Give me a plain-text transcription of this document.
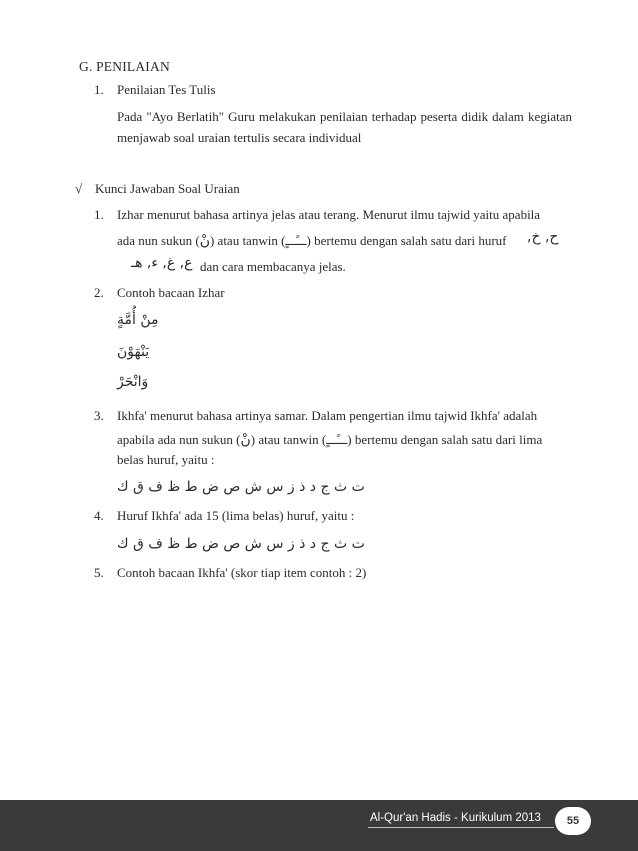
G. PENILAIAN
1. Penilaian Tes Tulis
Pada "Ayo Berlatih" Guru melakukan penilaian terhadap peserta didik dalam kegiatan menjawab soal uraian tertulis secara individual
√ Kunci Jawaban Soal Uraian
1. Izhar menurut bahasa artinya jelas atau terang. Menurut ilmu tajwid yaitu apabila
ada nun sukun (نْ) atau tanwin (ـــًـــٍ) bertemu dengan salah satu dari huruf ح, خ,
ع, غ, ء, هـ dan cara membacanya jelas.
2. Contoh bacaan Izhar
مِنْ أُمَّةٍ
يَنْهَوْنَ
وَانْحَرْ
3. Ikhfa' menurut bahasa artinya samar. Dalam pengertian ilmu tajwid Ikhfa' adalah
apabila ada nun sukun (نْ) atau tanwin (ـــًـــٍ) bertemu dengan salah satu dari lima
belas huruf, yaitu :
ت ث ج د ذ ز س ش ص ض ط ظ ف ق ك
4. Huruf Ikhfa' ada 15 (lima belas) huruf, yaitu :
ت ث ج د ذ ز س ش ص ض ط ظ ف ق ك
5. Contoh bacaan Ikhfa' (skor tiap item contoh : 2)
Al-Qur'an Hadis - Kurikulum 2013	55
